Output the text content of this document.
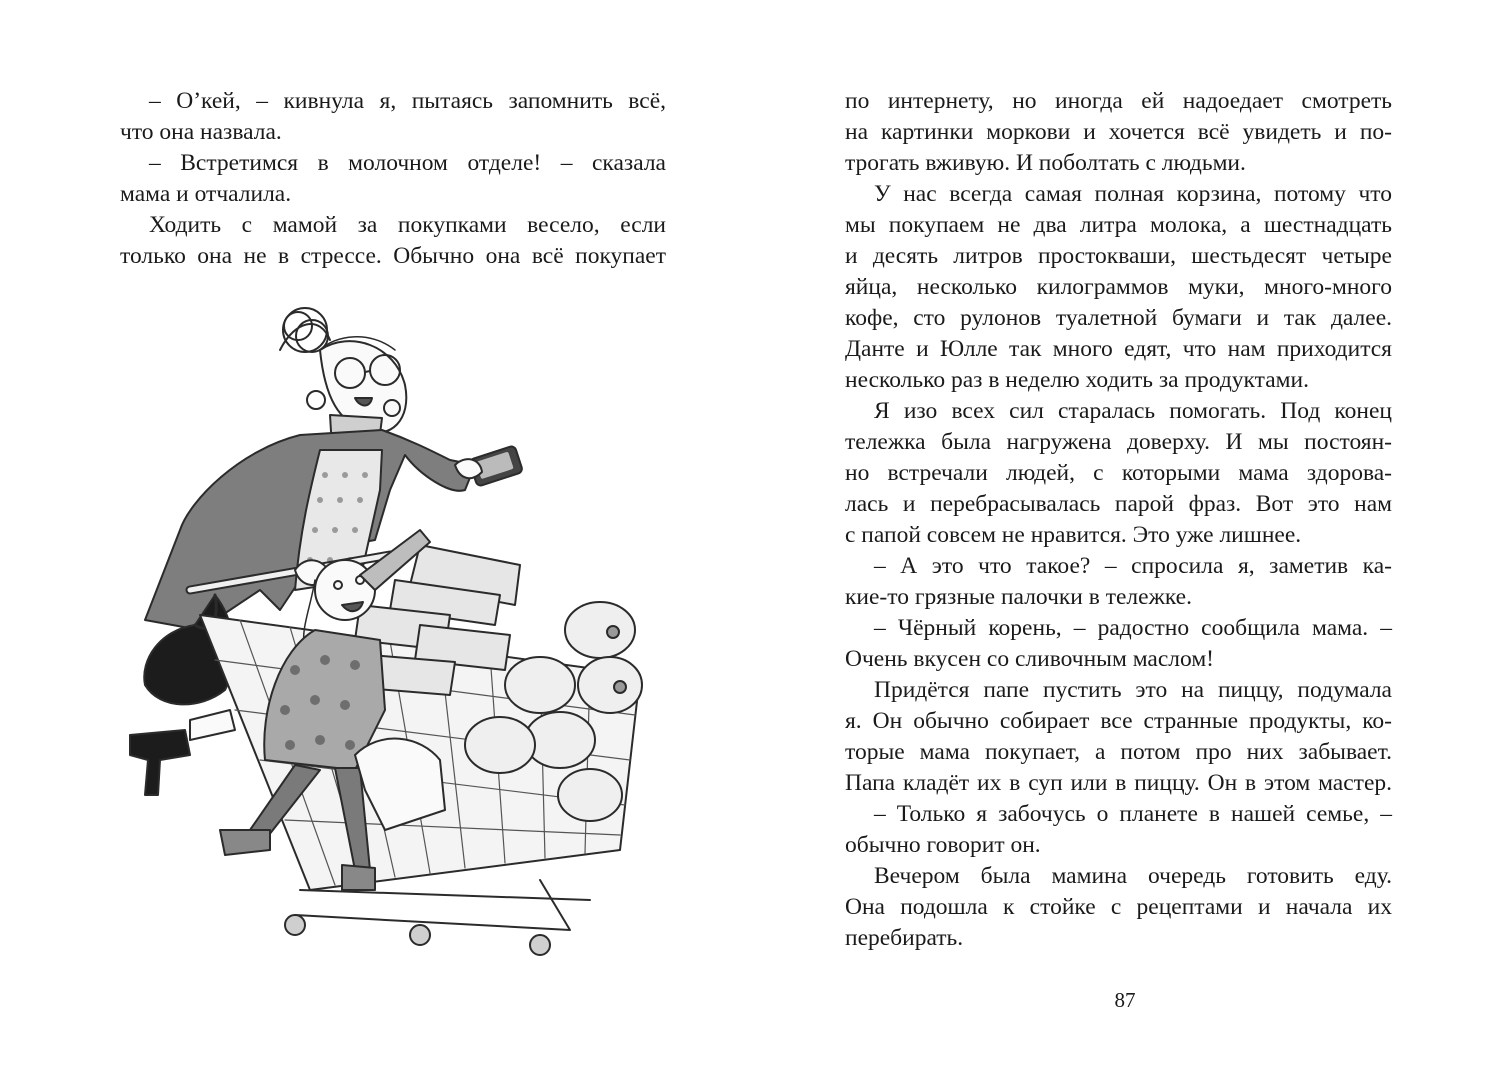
– О’кей, – кивнула я, пытаясь запомнить всё,
что она назвала.
– Встретимся в молочном отделе! – сказала
мама и отчалила.
Ходить с мамой за покупками весело, если
только она не в стрессе. Обычно она всё покупает
по интернету, но иногда ей надоедает смотреть
на картинки моркови и хочется всё увидеть и по-
трогать вживую. И поболтать с людьми.
У нас всегда самая полная корзина, потому что
мы покупаем не два литра молока, а шестнадцать
и десять литров простокваши, шестьдесят четыре
яйца, несколько килограммов муки, много-много
кофе, сто рулонов туалетной бумаги и так далее.
Данте и Юлле так много едят, что нам приходится
несколько раз в неделю ходить за продуктами.
Я изо всех сил старалась помогать. Под конец
тележка была нагружена доверху. И мы постоян-
но встречали людей, с которыми мама здорова-
лась и перебрасывалась парой фраз. Вот это нам
с папой совсем не нравится. Это уже лишнее.
– А это что такое? – спросила я, заметив ка-
кие-то грязные палочки в тележке.
– Чёрный корень, – радостно сообщила мама. –
Очень вкусен со сливочным маслом!
Придётся папе пустить это на пиццу, подумала
я. Он обычно собирает все странные продукты, ко-
торые мама покупает, а потом про них забывает.
Папа кладёт их в суп или в пиццу. Он в этом мастер.
– Только я забочусь о планете в нашей семье, –
обычно говорит он.
Вечером была мамина очередь готовить еду.
Она подошла к стойке с рецептами и начала их
перебирать.
87
